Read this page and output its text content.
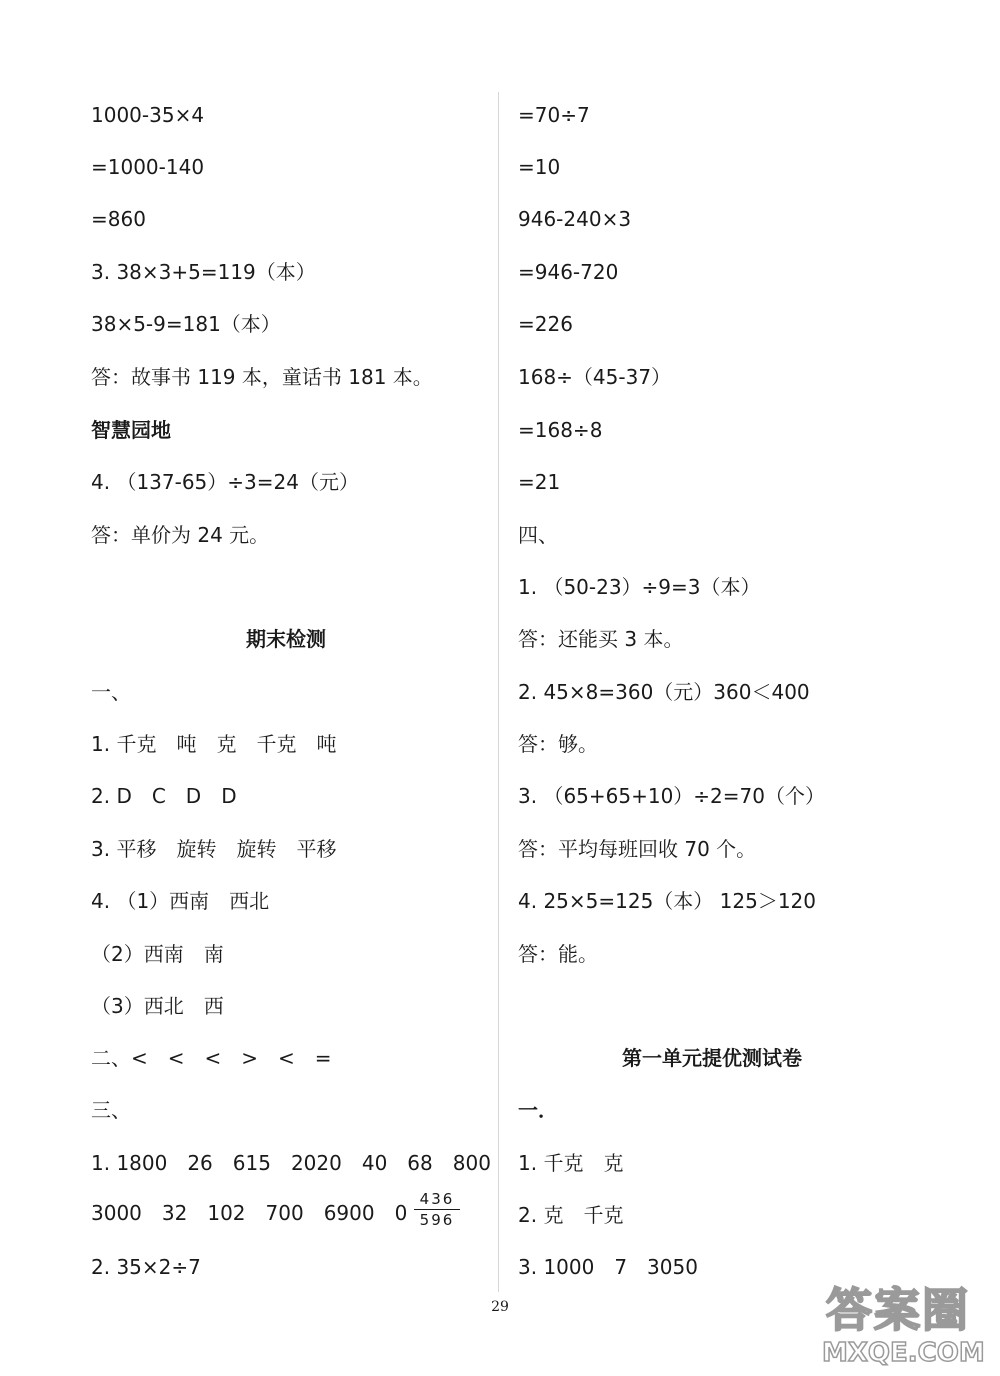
1000-35×4
=1000-140
=860
3. 38×3+5=119（本）
38×5-9=181（本）
答：故事书 119 本，童话书 181 本。
智慧园地
4. （137-65）÷3=24（元）
答：单价为 24 元。
期末检测
一、
1. 千克　吨　克　千克　吨
2. D　C　D　D
3. 平移　旋转　旋转　平移
4. （1）西南　西北
（2）西南　南
（3）西北　西
二、<　<　<　>　<　=
三、
1. 1800　26　615　2020　40　68　800
3000　32　102　700　6900　$0 \frac{436}{596}$
2. 35×2÷7
=70÷7
=10
946-240×3
=946-720
=226
168÷（45-37）
=168÷8
=21
四、
1. （50-23）÷9=3（本）
答：还能买 3 本。
2. 45×8=360（元）360＜400
答：够。
3. （65+65+10）÷2=70（个）
答：平均每班回收 70 个。
4. 25×5=125（本） 125＞120
答：能。
第一单元提优测试卷
一．
1. 千克　克
2. 克　千克
3. 1000　7　3050
29	答案圈
MXQE.COM
